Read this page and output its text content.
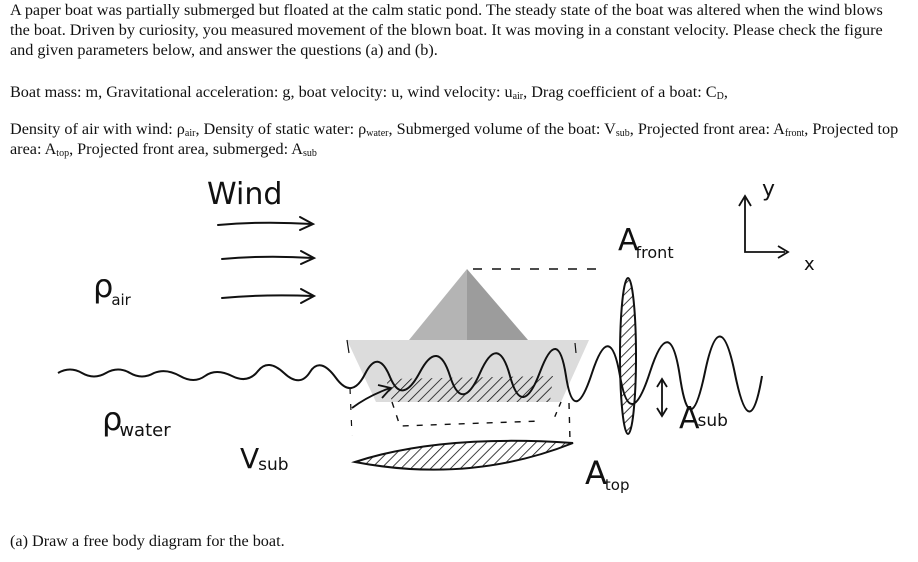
A paper boat was partially submerged but floated at the calm static pond. The steady state of the boat was altered when the wind blows the boat. Driven by curiosity, you measured movement of the blown boat. It was moving in a constant velocity. Please check the figure and given parameters below, and answer the questions (a) and (b).

Boat mass: m, Gravitational acceleration: g, boat velocity: u, wind velocity: $u_{air}$, Drag coefficient of a boat: $C_D$,

Density of air with wind: $\rho_{air}$, Density of static water: $\rho_{water}$, Submerged volume of the boat: $V_{sub}$, Projected front area: $A_{front}$, Projected top area: $A_{top}$, Projected front area, submerged: $A_{sub}$

Wind
ρair
Afront
Asub
Atop
ρwater
Vsub
y
x

(a) Draw a free body diagram for the boat.
